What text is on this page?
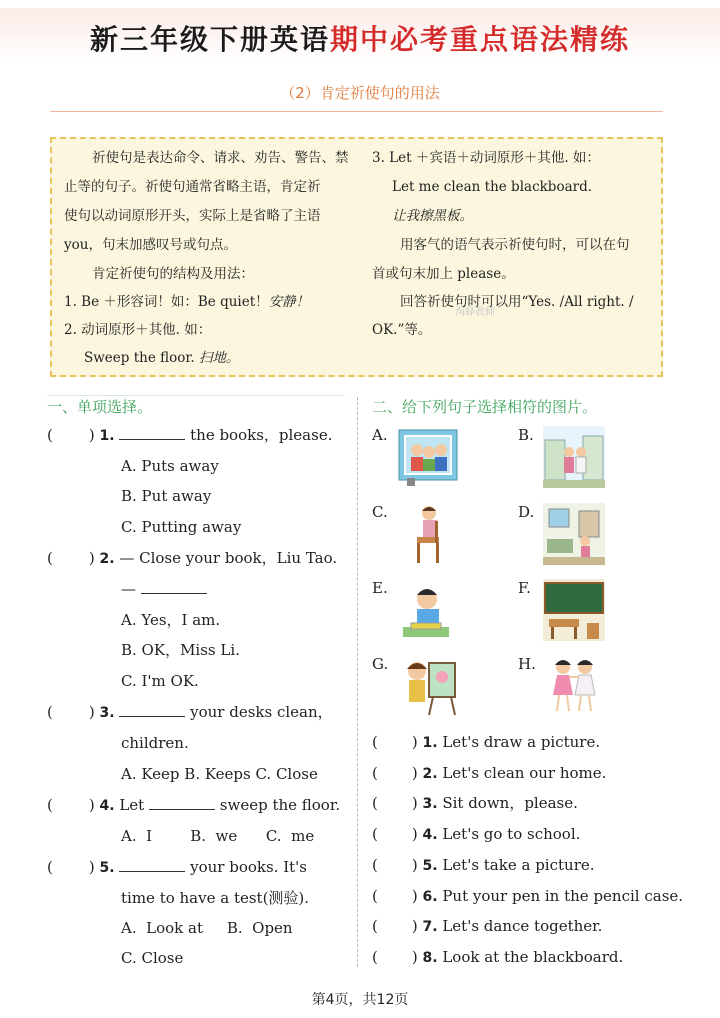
新三年级下册英语期中必考重点语法精练
（2）肯定祈使句的用法
祈使句是表达命令、请求、劝告、警告、禁
止等的句子。祈使句通常省略主语，肯定祈
使句以动词原形开头，实际上是省略了主语
you，句末加感叹号或句点。
肯定祈使句的结构及用法：
1. Be ＋形容词！如：Be quiet！安静！
2. 动词原形＋其他. 如：
Sweep the floor. 扫地。
3. Let ＋宾语＋动词原形＋其他. 如：
Let me clean the blackboard.
让我擦黑板。
用客气的语气表示祈使句时，可以在句
首或句末加上 please。
回答祈使句时可以用“Yes. /All right. /
OK.”等。
淘蜂教辅
一、单项选择。
( ) 1.	the books，please.
A. Puts away
B. Put away
C. Putting away
( ) 2. — Close your book，Liu Tao.
—
A. Yes，I am.
B. OK，Miss Li.
C. I'm OK.
( ) 3.	your desks clean，
children.
A. Keep B. Keeps C. Close
( ) 4. Let	sweep the floor.
A.  I        B.  we      C.  me
( ) 5.	your books. It's
time to have a test(测验).
A.  Look at     B.  Open
C. Close
二、给下列句子选择相符的图片。
A.	B.
C.	D.
E.	F.
G.	H.
( ) 1. Let's draw a picture.
( ) 2. Let's clean our home.
( ) 3. Sit down，please.
( ) 4. Let's go to school.
( ) 5. Let's take a picture.
( ) 6. Put your pen in the pencil case.
( ) 7. Let's dance together.
( ) 8. Look at the blackboard.
第4页，共12页
